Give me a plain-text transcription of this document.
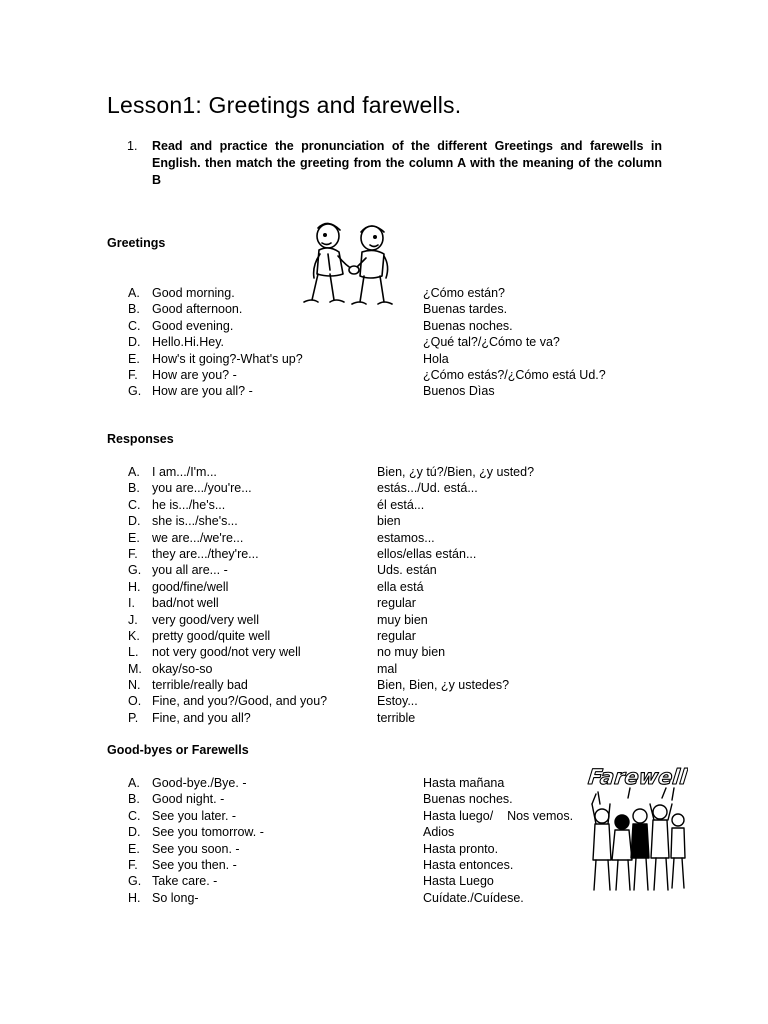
Lesson1: Greetings and farewells.
1. Read and practice the pronunciation of the different Greetings and farewells in English. then match the greeting from the column A with the meaning of the column B
Greetings
A. Good morning.	¿Cómo están?
B. Good afternoon.	Buenas tardes.
C. Good evening.	Buenas noches.
D. Hello.Hi.Hey.	¿Qué tal?/¿Cómo te va?
E. How's it going?-What's up?	Hola
F.	How are you? -	¿Cómo estás?/¿Cómo está Ud.?
G. How are you all? -	Buenos Dìas
Responses
A. I am.../I'm...	Bien, ¿y tú?/Bien, ¿y usted?
B. you are.../you're...	estás.../Ud. está...
C. he is.../he's...	él está...
D. she is.../she's...	bien
E. we are.../we're...	estamos...
F.	they are.../they're...	ellos/ellas están...
G. you all are... -	Uds. están
H. good/fine/well	ella está
I.	bad/not well	regular
J.	very good/very well	muy bien
K. pretty good/quite well	regular
L.	not very good/not very well	no muy bien
M. okay/so-so	mal
N. terrible/really bad	Bien, Bien, ¿y ustedes?
O. Fine, and you?/Good, and you?	Estoy...
P.	Fine, and you all?	terrible
Good-byes or Farewells
Farewell
A. Good-bye./Bye. -	Hasta mañana
B. Good night. -	Buenas noches.
C. See you later. -	Hasta luego/    Nos vemos.
D. See you tomorrow. -	Adios
E. See you soon. -	Hasta pronto.
F.	See you then. -	Hasta entonces.
G. Take care. -	Hasta Luego
H. So long-	Cuídate./Cuídese.
